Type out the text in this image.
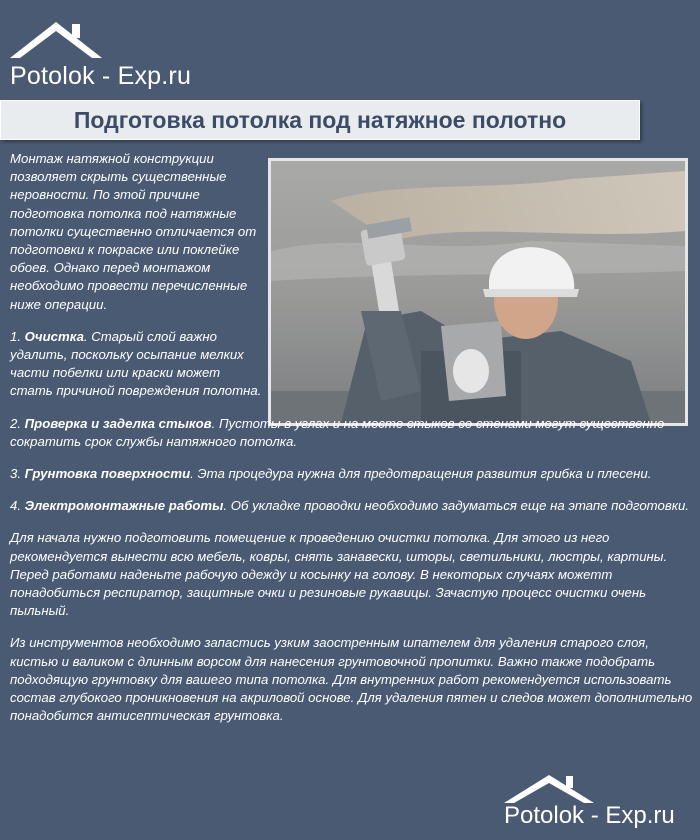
Potolok - Exp.ru
Подготовка потолка под натяжное полотно

Монтаж натяжной конструкции позволяет скрыть существенные неровности. По этой причине подготовка потолка под натяжные потолки существенно отличается от подготовки к покраске или поклейке обоев. Однако перед монтажом необходимо провести перечисленные ниже операции.

1. Очистка. Старый слой важно удалить, поскольку осыпание мелких части побелки или краски может стать причиной повреждения полотна.

2. Проверка и заделка стыков. Пустоты в углах и на месте стыков со стенами могут существенно сократить срок службы натяжного потолка.

3. Грунтовка поверхности. Эта процедура нужна для предотвращения развития грибка и плесени.

4. Электромонтажные работы. Об укладке проводки необходимо задуматься еще на этапе подготовки.

Для начала нужно подготовить помещение к проведению очистки потолка. Для этого из него рекомендуется вынести всю мебель, ковры, снять занавески, шторы, светильники, люстры, картины. Перед работами наденьте рабочую одежду и косынку на голову. В некоторых случаях можетт понадобиться респиратор, защитные очки и резиновые рукавицы. Зачастую процесс очистки очень пыльный.

Из инструментов необходимо запастись узким заостренным шпателем для удаления старого слоя, кистью и валиком с длинным ворсом для нанесения грунтовочной пропитки. Важно также подобрать подходящую грунтовку для вашего типа потолка. Для внутренних работ рекомендуется использовать состав глубокого проникновения на акриловой основе. Для удаления пятен и следов может дополнительно понадобится антисептическая грунтовка.

Potolok - Exp.ru
